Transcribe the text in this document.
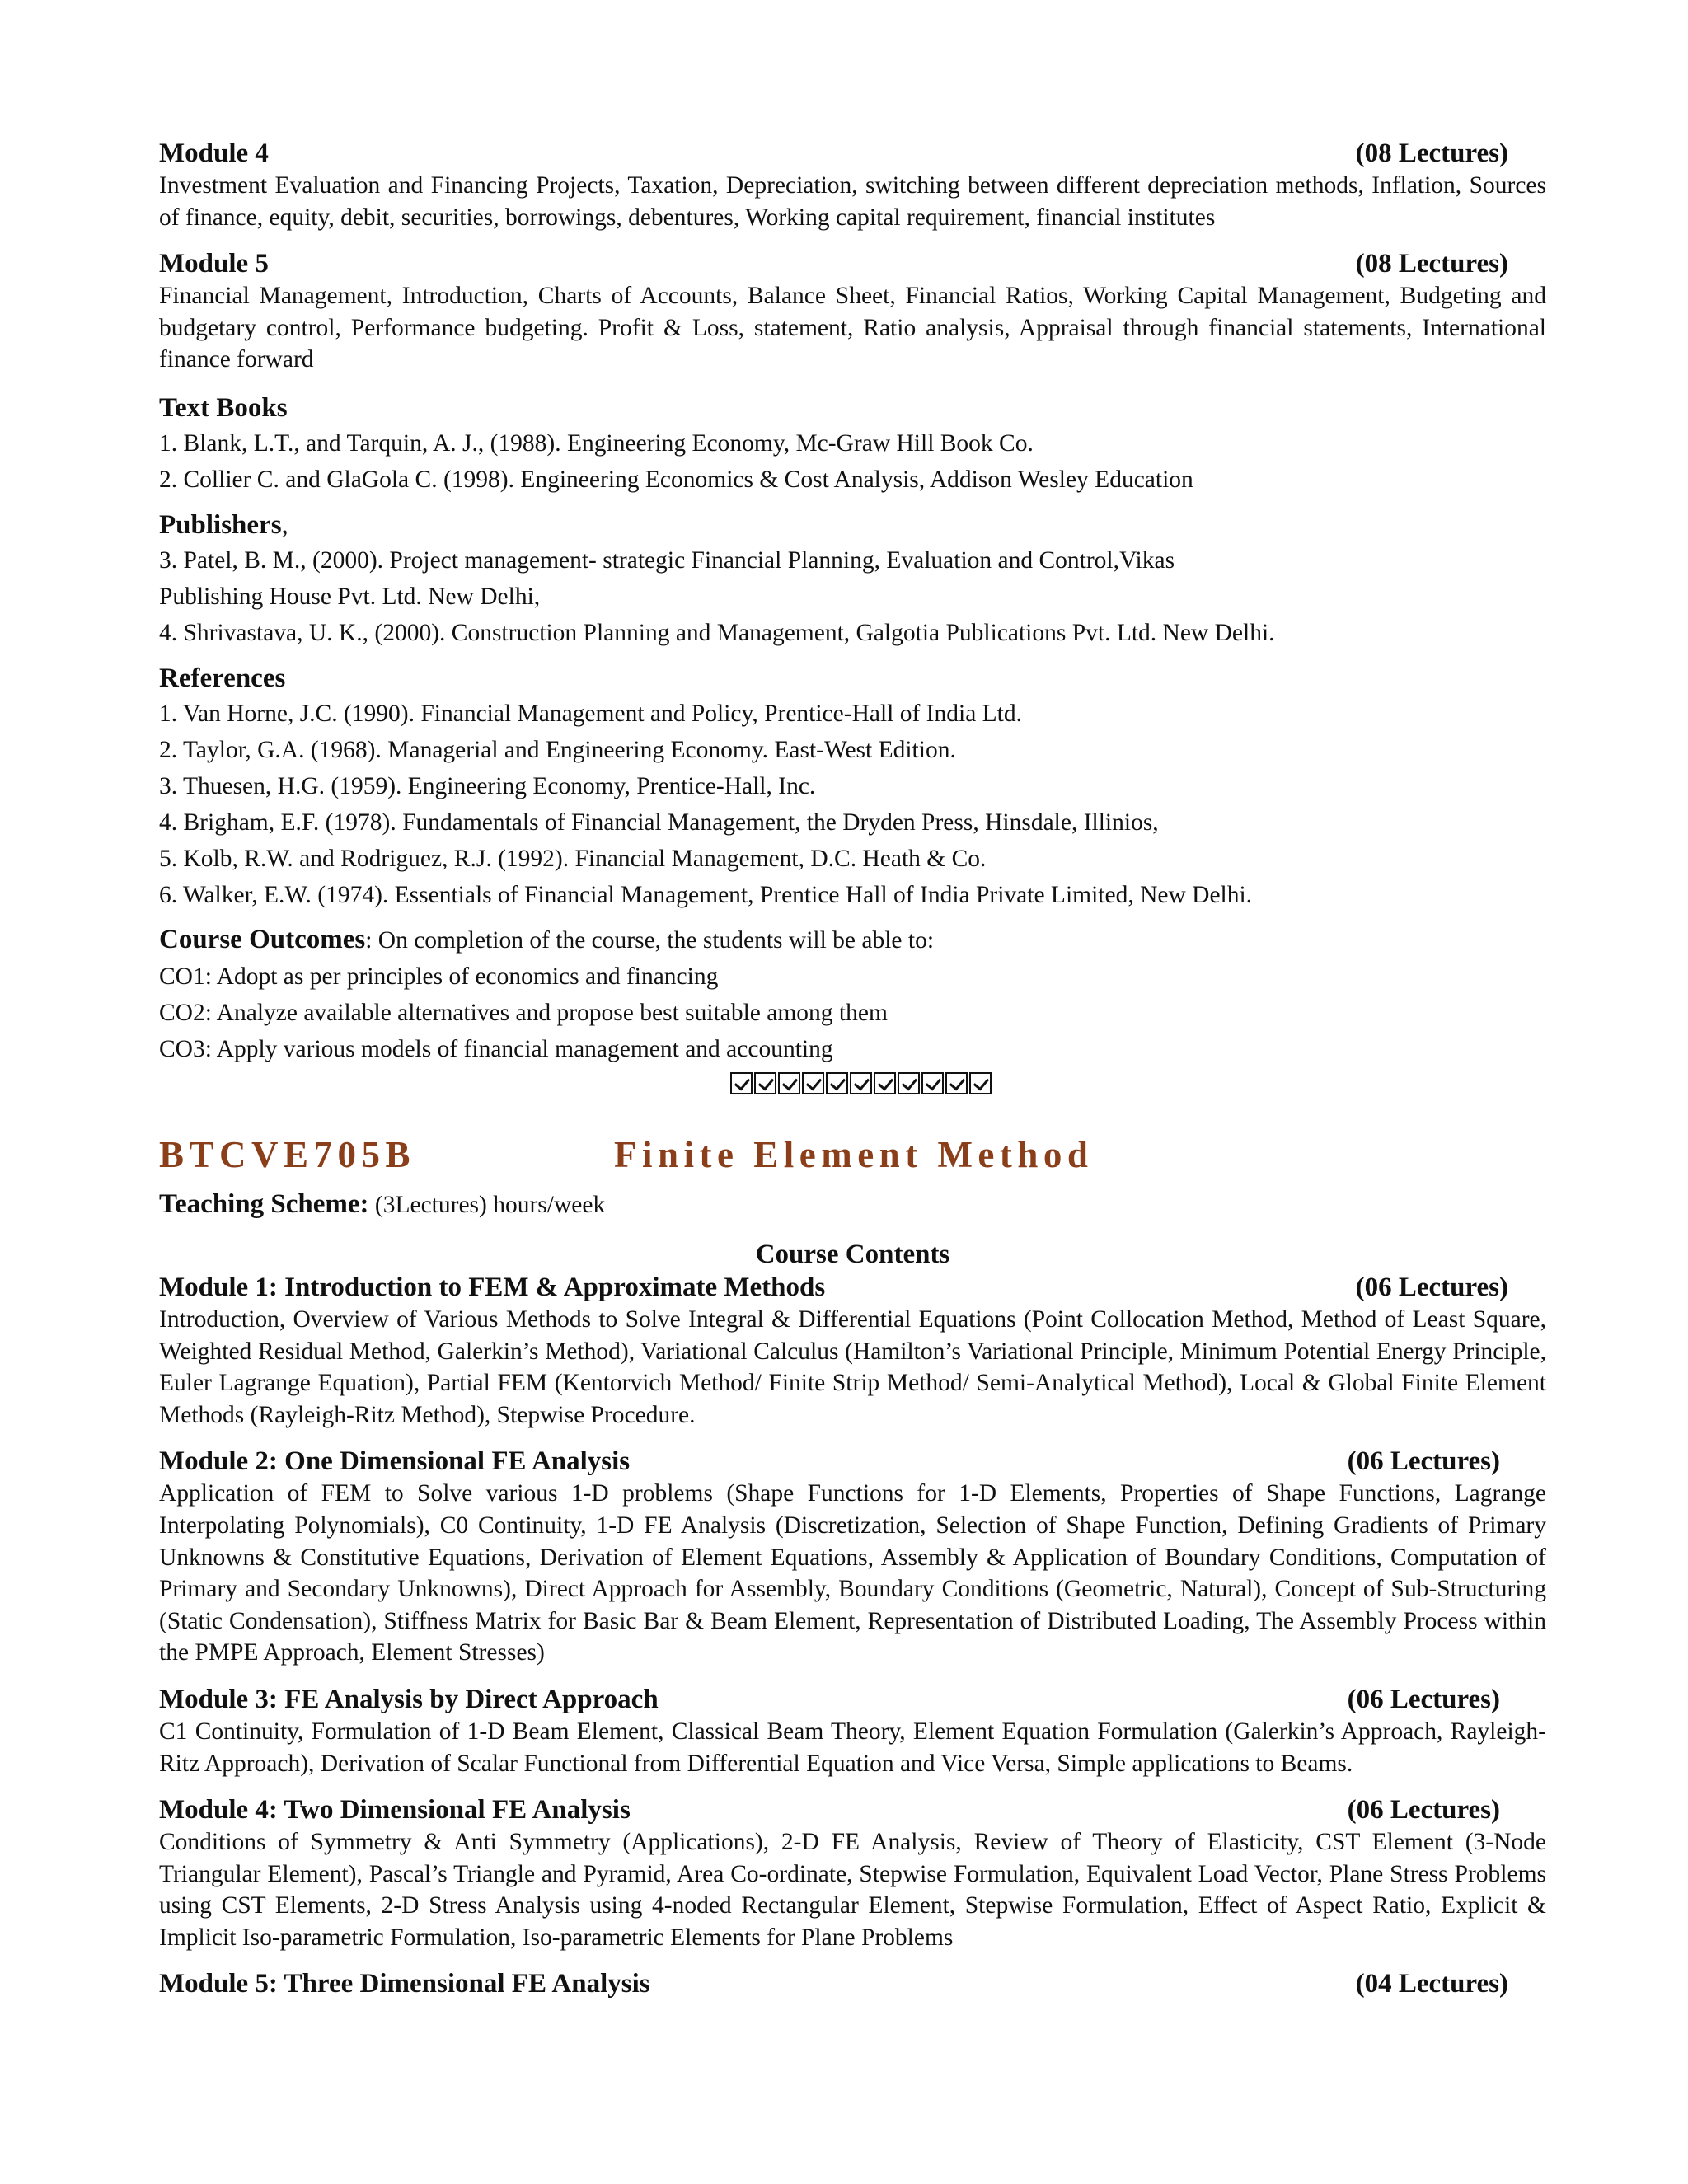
Module 4	(08 Lectures)

Investment Evaluation and Financing Projects, Taxation, Depreciation, switching between different depreciation methods, Inflation, Sources of finance, equity, debit, securities, borrowings, debentures, Working capital requirement, financial institutes

Module 5	(08 Lectures)

Financial Management, Introduction, Charts of Accounts, Balance Sheet, Financial Ratios, Working Capital Management, Budgeting and budgetary control, Performance budgeting. Profit & Loss, statement, Ratio analysis, Appraisal through financial statements, International finance forward

Text Books
1. Blank, L.T., and Tarquin, A. J., (1988). Engineering Economy, Mc-Graw Hill Book Co.
2. Collier C. and GlaGola C. (1998). Engineering Economics & Cost Analysis, Addison Wesley Education
Publishers,
3. Patel, B. M., (2000). Project management- strategic Financial Planning, Evaluation and Control,Vikas
Publishing House Pvt. Ltd. New Delhi,
4. Shrivastava, U. K., (2000). Construction Planning and Management, Galgotia Publications Pvt. Ltd. New Delhi.
References
1. Van Horne, J.C. (1990). Financial Management and Policy, Prentice-Hall of India Ltd.
2. Taylor, G.A. (1968). Managerial and Engineering Economy. East-West Edition.
3. Thuesen, H.G. (1959). Engineering Economy, Prentice-Hall, Inc.
4. Brigham, E.F. (1978). Fundamentals of Financial Management, the Dryden Press, Hinsdale, Illinios,
5. Kolb, R.W. and Rodriguez, R.J. (1992). Financial Management, D.C. Heath & Co.
6. Walker, E.W. (1974). Essentials of Financial Management, Prentice Hall of India Private Limited, New Delhi.
Course Outcomes: On completion of the course, the students will be able to:
CO1: Adopt as per principles of economics and financing
CO2: Analyze available alternatives and propose best suitable among them
CO3: Apply various models of financial management and accounting
BTCVE705B	Finite Element Method
Teaching Scheme: (3Lectures) hours/week
Course Contents
Module 1: Introduction to FEM & Approximate Methods	(06 Lectures)

Introduction, Overview of Various Methods to Solve Integral & Differential Equations (Point Collocation Method, Method of Least Square, Weighted Residual Method, Galerkin’s Method), Variational Calculus (Hamilton’s Variational Principle, Minimum Potential Energy Principle, Euler Lagrange Equation), Partial FEM (Kentorvich Method/ Finite Strip Method/ Semi-Analytical Method), Local & Global Finite Element Methods (Rayleigh-Ritz Method), Stepwise Procedure.

Module 2: One Dimensional FE Analysis	(06 Lectures)

Application of FEM to Solve various 1-D problems (Shape Functions for 1-D Elements, Properties of Shape Functions, Lagrange Interpolating Polynomials), C0 Continuity, 1-D FE Analysis (Discretization, Selection of Shape Function, Defining Gradients of Primary Unknowns & Constitutive Equations, Derivation of Element Equations, Assembly & Application of Boundary Conditions, Computation of Primary and Secondary Unknowns), Direct Approach for Assembly, Boundary Conditions (Geometric, Natural), Concept of Sub-Structuring (Static Condensation), Stiffness Matrix for Basic Bar & Beam Element, Representation of Distributed Loading, The Assembly Process within the PMPE Approach, Element Stresses)

Module 3: FE Analysis by Direct Approach	(06 Lectures)

C1 Continuity, Formulation of 1-D Beam Element, Classical Beam Theory, Element Equation Formulation (Galerkin’s Approach, Rayleigh-Ritz Approach), Derivation of Scalar Functional from Differential Equation and Vice Versa, Simple applications to Beams.

Module 4: Two Dimensional FE Analysis	(06 Lectures)

Conditions of Symmetry & Anti Symmetry (Applications), 2-D FE Analysis, Review of Theory of Elasticity, CST Element (3-Node Triangular Element), Pascal’s Triangle and Pyramid, Area Co-ordinate, Stepwise Formulation, Equivalent Load Vector, Plane Stress Problems using CST Elements, 2-D Stress Analysis using 4-noded Rectangular Element, Stepwise Formulation, Effect of Aspect Ratio, Explicit & Implicit Iso-parametric Formulation, Iso-parametric Elements for Plane Problems

Module 5: Three Dimensional FE Analysis	(04 Lectures)
